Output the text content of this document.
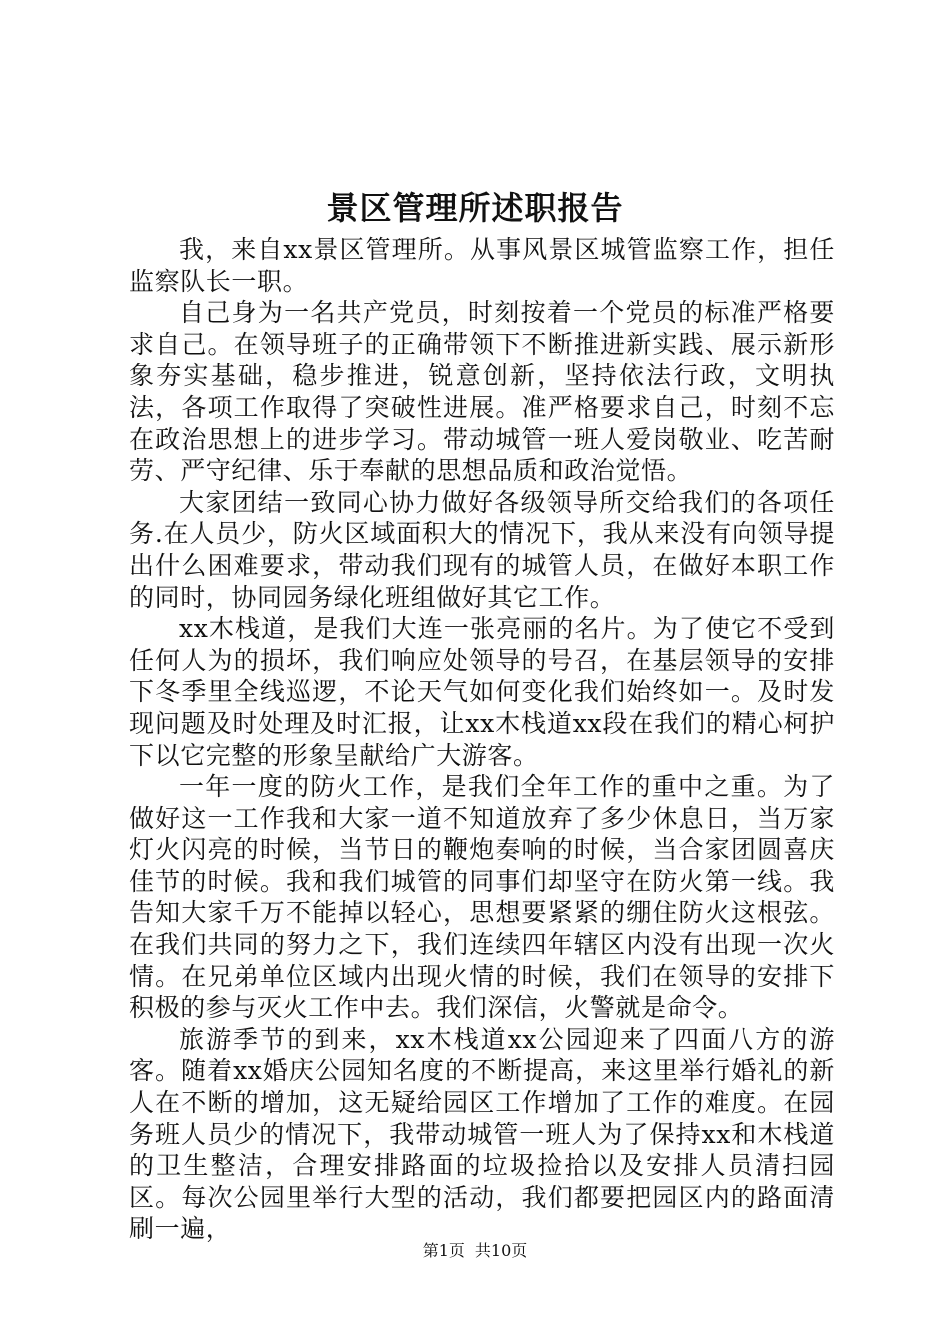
景区管理所述职报告

我，来自xx景区管理所。从事风景区城管监察工作，担任监察队长一职。

自己身为一名共产党员，时刻按着一个党员的标准严格要求自己。在领导班子的正确带领下不断推进新实践、展示新形象夯实基础，稳步推进，锐意创新，坚持依法行政，文明执法，各项工作取得了突破性进展。准严格要求自己，时刻不忘在政治思想上的进步学习。带动城管一班人爱岗敬业、吃苦耐劳、严守纪律、乐于奉献的思想品质和政治觉悟。

大家团结一致同心协力做好各级领导所交给我们的各项任务.在人员少，防火区域面积大的情况下，我从来没有向领导提出什么困难要求，带动我们现有的城管人员，在做好本职工作的同时，协同园务绿化班组做好其它工作。

xx木栈道，是我们大连一张亮丽的名片。为了使它不受到任何人为的损坏，我们响应处领导的号召，在基层领导的安排下冬季里全线巡逻，不论天气如何变化我们始终如一。及时发现问题及时处理及时汇报，让xx木栈道xx段在我们的精心柯护下以它完整的形象呈献给广大游客。

一年一度的防火工作，是我们全年工作的重中之重。为了做好这一工作我和大家一道不知道放弃了多少休息日，当万家灯火闪亮的时候，当节日的鞭炮奏响的时候，当合家团圆喜庆佳节的时候。我和我们城管的同事们却坚守在防火第一线。我告知大家千万不能掉以轻心，思想要紧紧的绷住防火这根弦。在我们共同的努力之下，我们连续四年辖区内没有出现一次火情。在兄弟单位区域内出现火情的时候，我们在领导的安排下积极的参与灭火工作中去。我们深信，火警就是命令。

旅游季节的到来，xx木栈道xx公园迎来了四面八方的游客。随着xx婚庆公园知名度的不断提高，来这里举行婚礼的新人在不断的增加，这无疑给园区工作增加了工作的难度。在园务班人员少的情况下，我带动城管一班人为了保持xx和木栈道的卫生整洁，合理安排路面的垃圾捡拾以及安排人员清扫园区。每次公园里举行大型的活动，我们都要把园区内的路面清刷一遍，

第1页 共10页
